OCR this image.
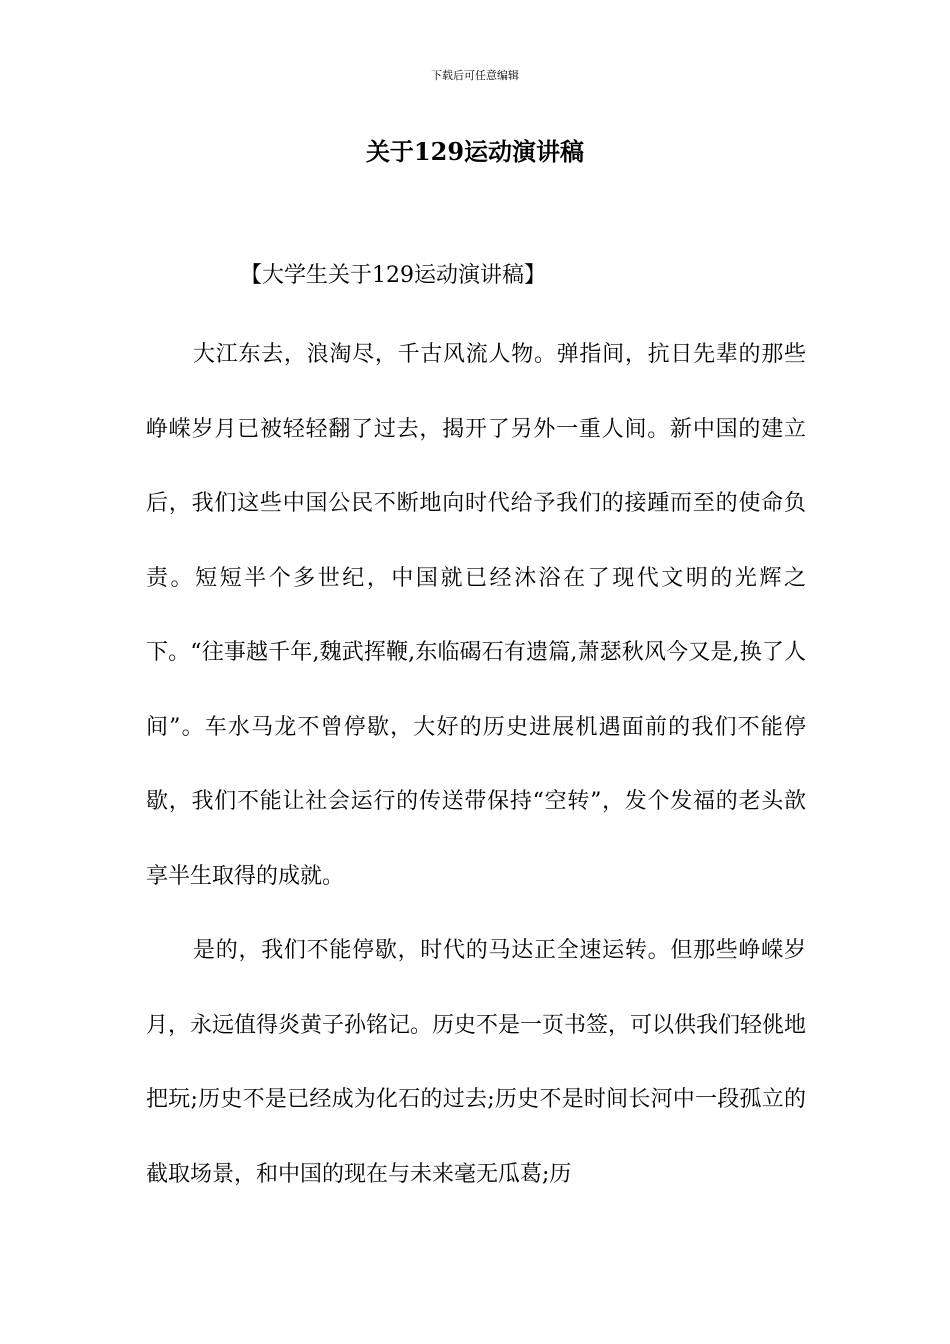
下载后可任意编辑
关于129运动演讲稿

【大学生关于129运动演讲稿】

大江东去，浪淘尽，千古风流人物。弹指间，抗日先辈的那些峥嵘岁月已被轻轻翻了过去，揭开了另外一重人间。新中国的建立后，我们这些中国公民不断地向时代给予我们的接踵而至的使命负责。短短半个多世纪，中国就已经沐浴在了现代文明的光辉之下。“往事越千年,魏武挥鞭,东临碣石有遗篇,萧瑟秋风今又是,换了人间”。车水马龙不曾停歇，大好的历史进展机遇面前的我们不能停歇，我们不能让社会运行的传送带保持“空转”，发个发福的老头歆享半生取得的成就。

是的，我们不能停歇，时代的马达正全速运转。但那些峥嵘岁月，永远值得炎黄子孙铭记。历史不是一页书签，可以供我们轻佻地把玩;历史不是已经成为化石的过去;历史不是时间长河中一段孤立的截取场景，和中国的现在与未来毫无瓜葛;历
